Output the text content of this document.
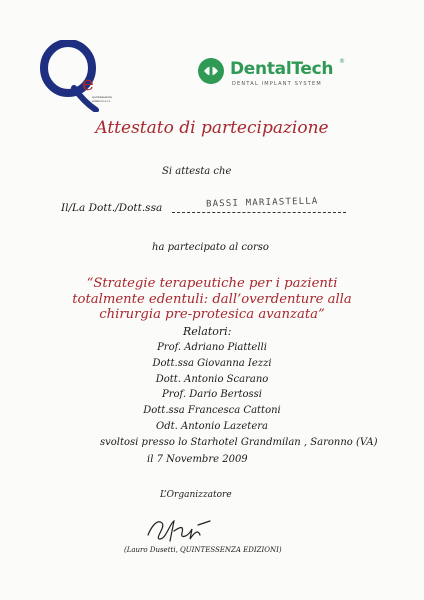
e
quintessenza
edizioni s.r.l.
DentalTech ®
DENTAL IMPLANT SYSTEM
Attestato di partecipazione
Si attesta che
Il/La Dott./Dott.ssa	BASSI MARIASTELLA
ha partecipato al corso
“Strategie terapeutiche per i pazienti
totalmente edentuli: dall’overdenture alla
chirurgia pre-protesica avanzata”
Relatori:
Prof. Adriano Piattelli
Dott.ssa Giovanna Iezzi
Dott. Antonio Scarano
Prof. Dario Bertossi
Dott.ssa Francesca Cattoni
Odt. Antonio Lazetera
svoltosi presso lo Starhotel Grandmilan , Saronno (VA)
il 7 Novembre 2009
L’Organizzatore
(Lauro Dusetti, QUINTESSENZA EDIZIONI)
